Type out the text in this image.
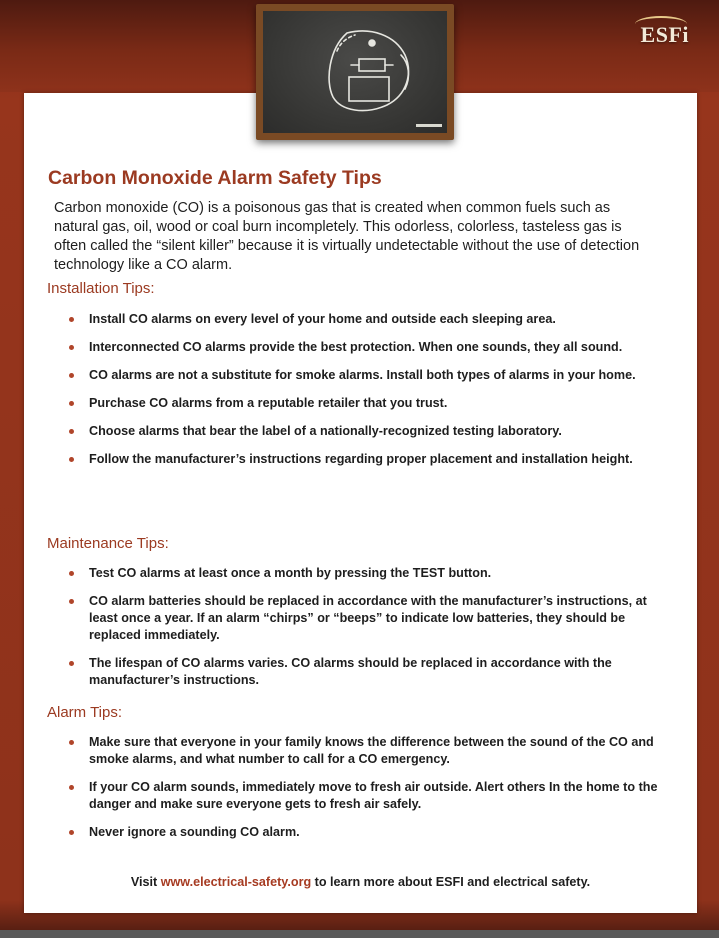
ESFi
Carbon Monoxide Alarm Safety Tips

Carbon monoxide (CO) is a poisonous gas that is created when common fuels such as natural gas, oil, wood or coal burn incompletely. This odorless, colorless, tasteless gas is often called the “silent killer” because it is virtually undetectable without the use of detection technology like a CO alarm.

Installation Tips:
Install CO alarms on every level of your home and outside each sleeping area.
Interconnected CO alarms provide the best protection. When one sounds, they all sound.
CO alarms are not a substitute for smoke alarms. Install both types of alarms in your home.
Purchase CO alarms from a reputable retailer that you trust.
Choose alarms that bear the label of a nationally-recognized testing laboratory.
Follow the manufacturer’s instructions regarding proper placement and installation height.
Maintenance Tips:
Test CO alarms at least once a month by pressing the TEST button.
CO alarm batteries should be replaced in accordance with the manufacturer’s instructions, at least once a year. If an alarm “chirps” or “beeps” to indicate low batteries, they should be replaced immediately.
The lifespan of CO alarms varies. CO alarms should be replaced in accordance with the manufacturer’s instructions.
Alarm Tips:
Make sure that everyone in your family knows the difference between the sound of the CO and smoke alarms, and what number to call for a CO emergency.
If your CO alarm sounds, immediately move to fresh air outside. Alert others In the home to the danger and make sure everyone gets to fresh air safely.
Never ignore a sounding CO alarm.
Visit www.electrical-safety.org to learn more about ESFI and electrical safety.
